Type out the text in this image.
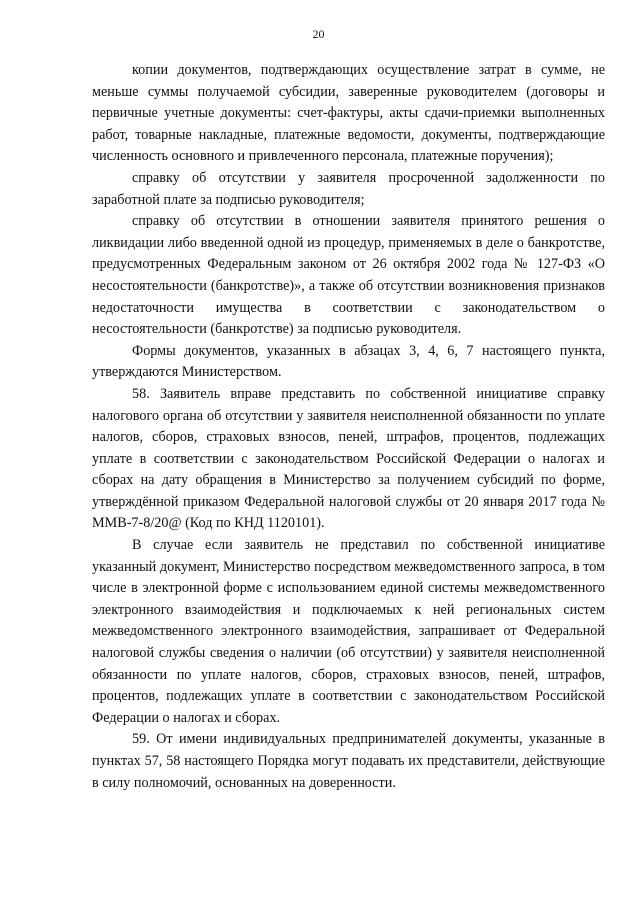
20

копии документов, подтверждающих осуществление затрат в сумме, не меньше суммы получаемой субсидии, заверенные руководителем (договоры и первичные учетные документы: счет-фактуры, акты сдачи-приемки выполненных работ, товарные накладные, платежные ведомости, документы, подтверждающие численность основного и привлеченного персонала, платежные поручения);

справку об отсутствии у заявителя просроченной задолженности по заработной плате за подписью руководителя;

справку об отсутствии в отношении заявителя принятого решения о ликвидации либо введенной одной из процедур, применяемых в деле о банкротстве, предусмотренных Федеральным законом от 26 октября 2002 года № 127-ФЗ «О несостоятельности (банкротстве)», а также об отсутствии возникновения признаков недостаточности имущества в соответствии с законодательством о несостоятельности (банкротстве) за подписью руководителя.

Формы документов, указанных в абзацах 3, 4, 6, 7 настоящего пункта, утверждаются Министерством.

58. Заявитель вправе представить по собственной инициативе справку налогового органа об отсутствии у заявителя неисполненной обязанности по уплате налогов, сборов, страховых взносов, пеней, штрафов, процентов, подлежащих уплате в соответствии с законодательством Российской Федерации о налогах и сборах на дату обращения в Министерство за получением субсидий по форме, утверждённой приказом Федеральной налоговой службы от 20 января 2017 года № ММВ-7-8/20@ (Код по КНД 1120101).

В случае если заявитель не представил по собственной инициативе указанный документ, Министерство посредством межведомственного запроса, в том числе в электронной форме с использованием единой системы межведомственного электронного взаимодействия и подключаемых к ней региональных систем межведомственного электронного взаимодействия, запрашивает от Федеральной налоговой службы сведения о наличии (об отсутствии) у заявителя неисполненной обязанности по уплате налогов, сборов, страховых взносов, пеней, штрафов, процентов, подлежащих уплате в соответствии с законодательством Российской Федерации о налогах и сборах.

59. От имени индивидуальных предпринимателей документы, указанные в пунктах 57, 58 настоящего Порядка могут подавать их представители, действующие в силу полномочий, основанных на доверенности.
